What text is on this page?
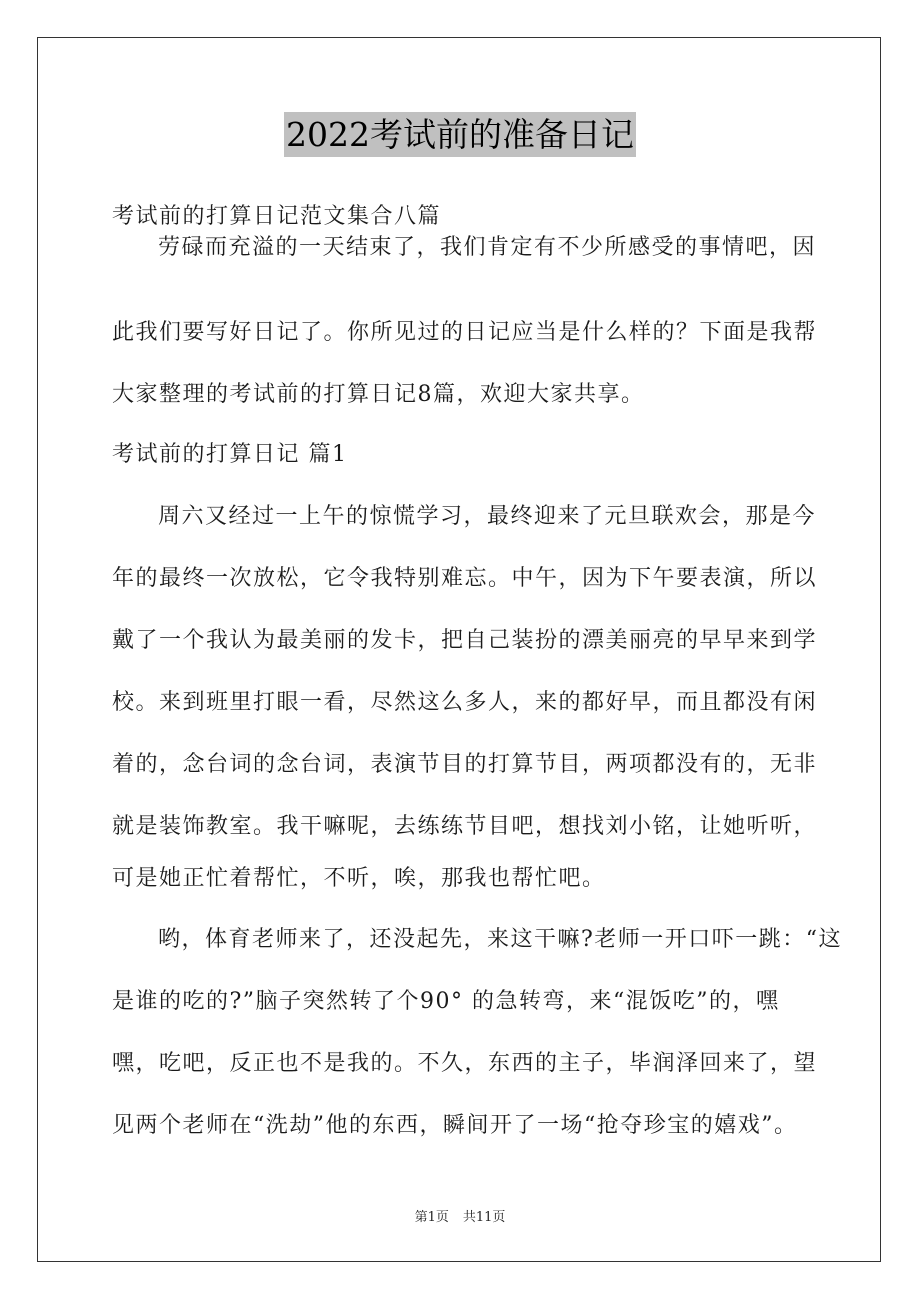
2022考试前的准备日记
考试前的打算日记范文集合八篇
劳碌而充溢的一天结束了，我们肯定有不少所感受的事情吧，因
此我们要写好日记了。你所见过的日记应当是什么样的？下面是我帮
大家整理的考试前的打算日记8篇，欢迎大家共享。
考试前的打算日记 篇1
周六又经过一上午的惊慌学习，最终迎来了元旦联欢会，那是今
年的最终一次放松，它令我特别难忘。中午，因为下午要表演，所以
戴了一个我认为最美丽的发卡，把自己装扮的漂美丽亮的早早来到学
校。来到班里打眼一看，尽然这么多人，来的都好早，而且都没有闲
着的，念台词的念台词，表演节目的打算节目，两项都没有的，无非
就是装饰教室。我干嘛呢，去练练节目吧，想找刘小铭，让她听听，
可是她正忙着帮忙，不听，唉，那我也帮忙吧。
哟，体育老师来了，还没起先，来这干嘛?老师一开口吓一跳：“这
是谁的吃的?”脑子突然转了个90° 的急转弯，来“混饭吃”的，嘿
嘿，吃吧，反正也不是我的。不久，东西的主子，毕润泽回来了，望
见两个老师在“洗劫”他的东西，瞬间开了一场“抢夺珍宝的嬉戏”。
第1页 共11页
